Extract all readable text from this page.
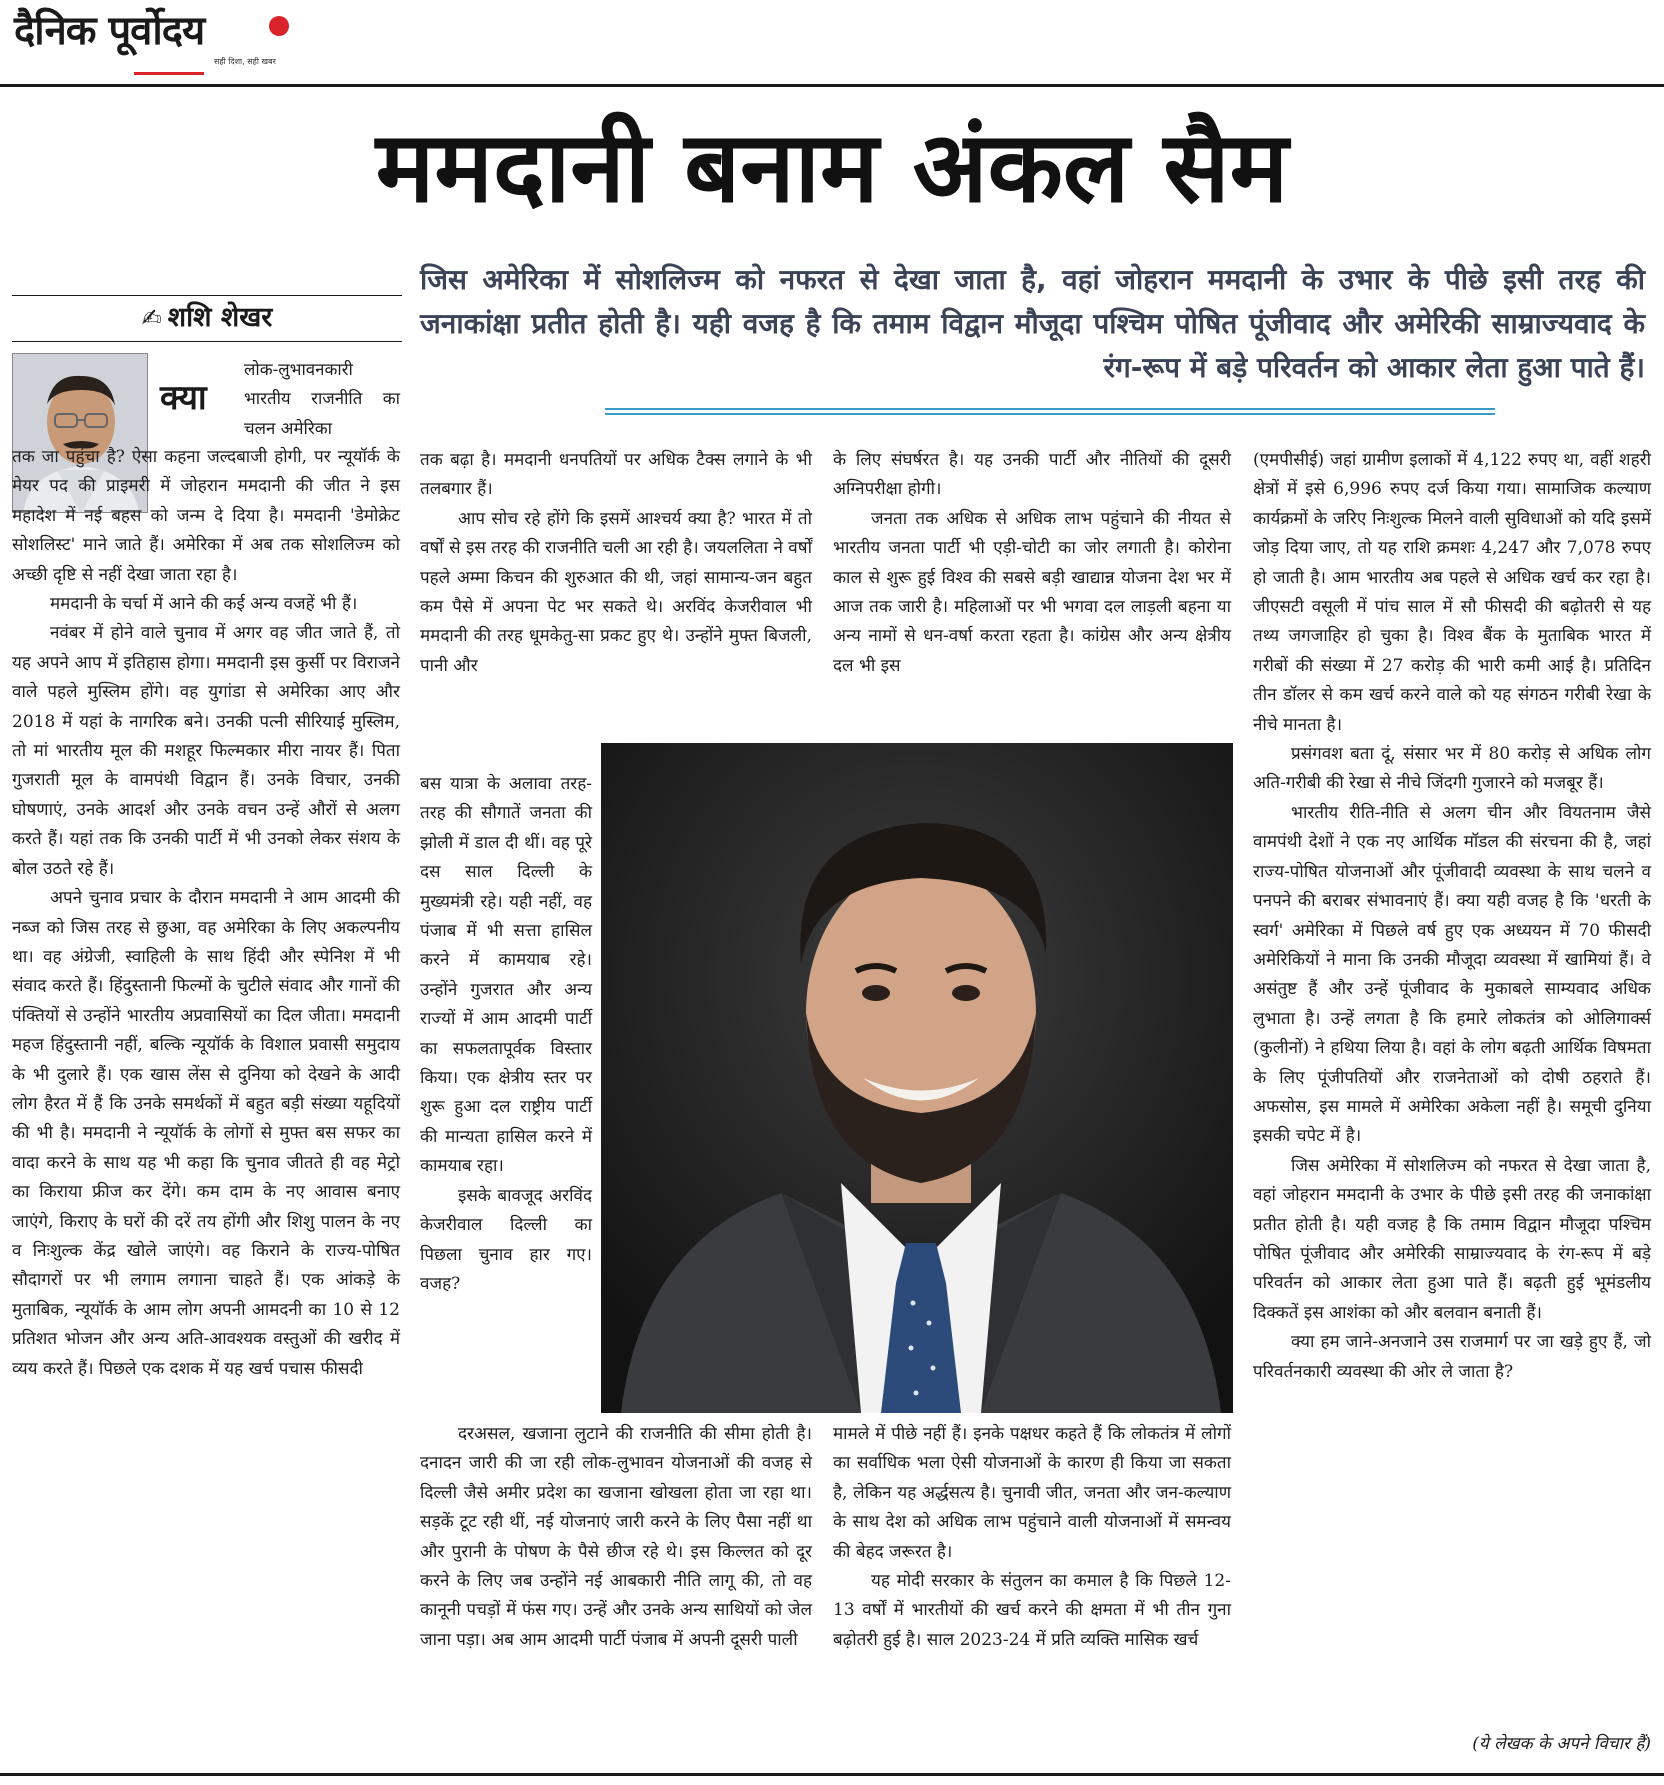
दैनिक पूर्वोदय
सही दिशा, सही खबर
ममदानी बनाम अंकल सैम
जिस अमेरिका में सोशलिज्म को नफरत से देखा जाता है, वहां जोहरान ममदानी के उभार के पीछे इसी तरह की जनाकांक्षा प्रतीत होती है। यही वजह है कि तमाम विद्वान मौजूदा पश्चिम पोषित पूंजीवाद और अमेरिकी साम्राज्यवाद के रंग-रूप में बड़े परिवर्तन को आकार लेता हुआ पाते हैं।
✍ शशि शेखर
क्या

लोक-लुभावनकारी भारतीय राजनीति का चलन अमेरिका

तक जा पहुंचा है? ऐसा कहना जल्दबाजी होगी, पर न्यूयॉर्क के मेयर पद की प्राइमरी में जोहरान ममदानी की जीत ने इस महादेश में नई बहस को जन्म दे दिया है। ममदानी 'डेमोक्रेट सोशलिस्ट' माने जाते हैं। अमेरिका में अब तक सोशलिज्म को अच्छी दृष्टि से नहीं देखा जाता रहा है।

ममदानी के चर्चा में आने की कई अन्य वजहें भी हैं।

नवंबर में होने वाले चुनाव में अगर वह जीत जाते हैं, तो यह अपने आप में इतिहास होगा। ममदानी इस कुर्सी पर विराजने वाले पहले मुस्लिम होंगे। वह युगांडा से अमेरिका आए और 2018 में यहां के नागरिक बने। उनकी पत्नी सीरियाई मुस्लिम, तो मां भारतीय मूल की मशहूर फिल्मकार मीरा नायर हैं। पिता गुजराती मूल के वामपंथी विद्वान हैं। उनके विचार, उनकी घोषणाएं, उनके आदर्श और उनके वचन उन्हें औरों से अलग करते हैं। यहां तक कि उनकी पार्टी में भी उनको लेकर संशय के बोल उठते रहे हैं।

अपने चुनाव प्रचार के दौरान ममदानी ने आम आदमी की नब्ज को जिस तरह से छुआ, वह अमेरिका के लिए अकल्पनीय था। वह अंग्रेजी, स्वाहिली के साथ हिंदी और स्पेनिश में भी संवाद करते हैं। हिंदुस्तानी फिल्मों के चुटीले संवाद और गानों की पंक्तियों से उन्होंने भारतीय अप्रवासियों का दिल जीता। ममदानी महज हिंदुस्तानी नहीं, बल्कि न्यूयॉर्क के विशाल प्रवासी समुदाय के भी दुलारे हैं। एक खास लेंस से दुनिया को देखने के आदी लोग हैरत में हैं कि उनके समर्थकों में बहुत बड़ी संख्या यहूदियों की भी है। ममदानी ने न्यूयॉर्क के लोगों से मुफ्त बस सफर का वादा करने के साथ यह भी कहा कि चुनाव जीतते ही वह मेट्रो का किराया फ्रीज कर देंगे। कम दाम के नए आवास बनाए जाएंगे, किराए के घरों की दरें तय होंगी और शिशु पालन के नए व निःशुल्क केंद्र खोले जाएंगे। वह किराने के राज्य-पोषित सौदागरों पर भी लगाम लगाना चाहते हैं। एक आंकड़े के मुताबिक, न्यूयॉर्क के आम लोग अपनी आमदनी का 10 से 12 प्रतिशत भोजन और अन्य अति-आवश्यक वस्तुओं की खरीद में व्यय करते हैं। पिछले एक दशक में यह खर्च पचास फीसदी

तक बढ़ा है। ममदानी धनपतियों पर अधिक टैक्स लगाने के भी तलबगार हैं।

आप सोच रहे होंगे कि इसमें आश्चर्य क्या है? भारत में तो वर्षों से इस तरह की राजनीति चली आ रही है। जयललिता ने वर्षों पहले अम्मा किचन की शुरुआत की थी, जहां सामान्य-जन बहुत कम पैसे में अपना पेट भर सकते थे। अरविंद केजरीवाल भी ममदानी की तरह धूमकेतु-सा प्रकट हुए थे। उन्होंने मुफ्त बिजली, पानी और

बस यात्रा के अलावा तरह-तरह की सौगातें जनता की झोली में डाल दी थीं। वह पूरे दस साल दिल्ली के मुख्यमंत्री रहे। यही नहीं, वह पंजाब में भी सत्ता हासिल करने में कामयाब रहे। उन्होंने गुजरात और अन्य राज्यों में आम आदमी पार्टी का सफलतापूर्वक विस्तार किया। एक क्षेत्रीय स्तर पर शुरू हुआ दल राष्ट्रीय पार्टी की मान्यता हासिल करने में कामयाब रहा।

इसके बावजूद अरविंद केजरीवाल दिल्ली का पिछला चुनाव हार गए। वजह?

दरअसल, खजाना लुटाने की राजनीति की सीमा होती है। दनादन जारी की जा रही लोक-लुभावन योजनाओं की वजह से दिल्ली जैसे अमीर प्रदेश का खजाना खोखला होता जा रहा था। सड़कें टूट रही थीं, नई योजनाएं जारी करने के लिए पैसा नहीं था और पुरानी के पोषण के पैसे छीज रहे थे। इस किल्लत को दूर करने के लिए जब उन्होंने नई आबकारी नीति लागू की, तो वह कानूनी पचड़ों में फंस गए। उन्हें और उनके अन्य साथियों को जेल जाना पड़ा। अब आम आदमी पार्टी पंजाब में अपनी दूसरी पाली

के लिए संघर्षरत है। यह उनकी पार्टी और नीतियों की दूसरी अग्निपरीक्षा होगी।

जनता तक अधिक से अधिक लाभ पहुंचाने की नीयत से भारतीय जनता पार्टी भी एड़ी-चोटी का जोर लगाती है। कोरोना काल से शुरू हुई विश्व की सबसे बड़ी खाद्यान्न योजना देश भर में आज तक जारी है। महिलाओं पर भी भगवा दल लाड़ली बहना या अन्य नामों से धन-वर्षा करता रहता है। कांग्रेस और अन्य क्षेत्रीय दल भी इस

मामले में पीछे नहीं हैं। इनके पक्षधर कहते हैं कि लोकतंत्र में लोगों का सर्वाधिक भला ऐसी योजनाओं के कारण ही किया जा सकता है, लेकिन यह अर्द्धसत्य है। चुनावी जीत, जनता और जन-कल्याण के साथ देश को अधिक लाभ पहुंचाने वाली योजनाओं में समन्वय की बेहद जरूरत है।

यह मोदी सरकार के संतुलन का कमाल है कि पिछले 12-13 वर्षों में भारतीयों की खर्च करने की क्षमता में भी तीन गुना बढ़ोतरी हुई है। साल 2023-24 में प्रति व्यक्ति मासिक खर्च

(एमपीसीई) जहां ग्रामीण इलाकों में 4,122 रुपए था, वहीं शहरी क्षेत्रों में इसे 6,996 रुपए दर्ज किया गया। सामाजिक कल्याण कार्यक्रमों के जरिए निःशुल्क मिलने वाली सुविधाओं को यदि इसमें जोड़ दिया जाए, तो यह राशि क्रमशः 4,247 और 7,078 रुपए हो जाती है। आम भारतीय अब पहले से अधिक खर्च कर रहा है। जीएसटी वसूली में पांच साल में सौ फीसदी की बढ़ोतरी से यह तथ्य जगजाहिर हो चुका है। विश्व बैंक के मुताबिक भारत में गरीबों की संख्या में 27 करोड़ की भारी कमी आई है। प्रतिदिन तीन डॉलर से कम खर्च करने वाले को यह संगठन गरीबी रेखा के नीचे मानता है।

प्रसंगवश बता दूं, संसार भर में 80 करोड़ से अधिक लोग अति-गरीबी की रेखा से नीचे जिंदगी गुजारने को मजबूर हैं।

भारतीय रीति-नीति से अलग चीन और वियतनाम जैसे वामपंथी देशों ने एक नए आर्थिक मॉडल की संरचना की है, जहां राज्य-पोषित योजनाओं और पूंजीवादी व्यवस्था के साथ चलने व पनपने की बराबर संभावनाएं हैं। क्या यही वजह है कि 'धरती के स्वर्ग' अमेरिका में पिछले वर्ष हुए एक अध्ययन में 70 फीसदी अमेरिकियों ने माना कि उनकी मौजूदा व्यवस्था में खामियां हैं। वे असंतुष्ट हैं और उन्हें पूंजीवाद के मुकाबले साम्यवाद अधिक लुभाता है। उन्हें लगता है कि हमारे लोकतंत्र को ओलिगार्क्स (कुलीनों) ने हथिया लिया है। वहां के लोग बढ़ती आर्थिक विषमता के लिए पूंजीपतियों और राजनेताओं को दोषी ठहराते हैं। अफसोस, इस मामले में अमेरिका अकेला नहीं है। समूची दुनिया इसकी चपेट में है।

जिस अमेरिका में सोशलिज्म को नफरत से देखा जाता है, वहां जोहरान ममदानी के उभार के पीछे इसी तरह की जनाकांक्षा प्रतीत होती है। यही वजह है कि तमाम विद्वान मौजूदा पश्चिम पोषित पूंजीवाद और अमेरिकी साम्राज्यवाद के रंग-रूप में बड़े परिवर्तन को आकार लेता हुआ पाते हैं। बढ़ती हुई भूमंडलीय दिक्कतें इस आशंका को और बलवान बनाती हैं।

क्या हम जाने-अनजाने उस राजमार्ग पर जा खड़े हुए हैं, जो परिवर्तनकारी व्यवस्था की ओर ले जाता है?

(ये लेखक के अपने विचार हैं)
